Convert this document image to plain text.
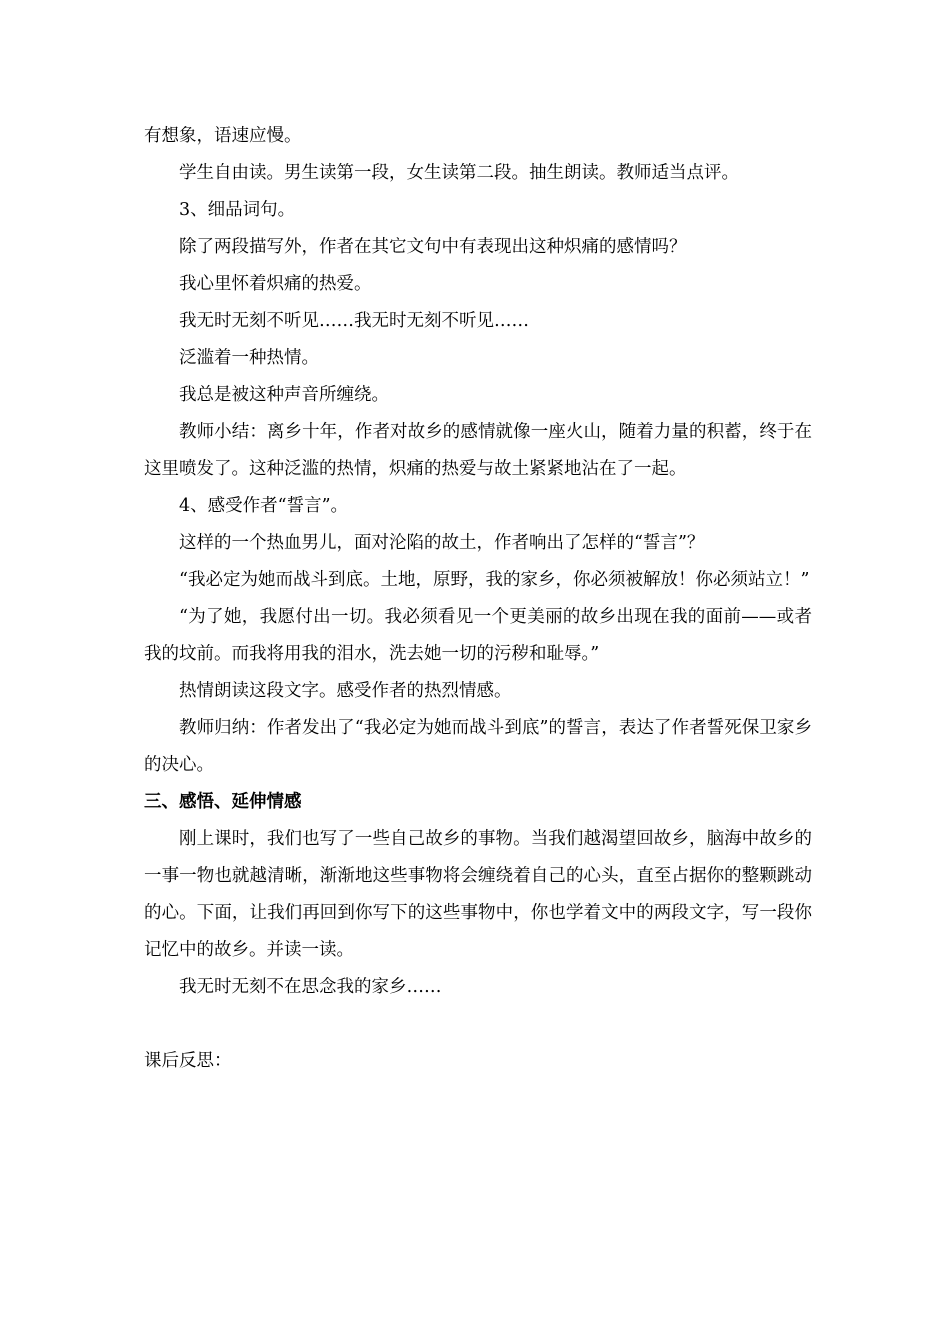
有想象，语速应慢。

学生自由读。男生读第一段，女生读第二段。抽生朗读。教师适当点评。

3、细品词句。

除了两段描写外，作者在其它文句中有表现出这种炽痛的感情吗？

我心里怀着炽痛的热爱。

我无时无刻不听见……我无时无刻不听见……

泛滥着一种热情。

我总是被这种声音所缠绕。

教师小结：离乡十年，作者对故乡的感情就像一座火山，随着力量的积蓄，终于在这里喷发了。这种泛滥的热情，炽痛的热爱与故土紧紧地沾在了一起。

4、感受作者“誓言”。

这样的一个热血男儿，面对沦陷的故土，作者响出了怎样的“誓言”？

“我必定为她而战斗到底。土地，原野，我的家乡，你必须被解放！你必须站立！”

“为了她，我愿付出一切。我必须看见一个更美丽的故乡出现在我的面前——或者我的坟前。而我将用我的泪水，洗去她一切的污秽和耻辱。”

热情朗读这段文字。感受作者的热烈情感。

教师归纳：作者发出了“我必定为她而战斗到底”的誓言，表达了作者誓死保卫家乡的决心。

三、感悟、延伸情感

刚上课时，我们也写了一些自己故乡的事物。当我们越渴望回故乡，脑海中故乡的一事一物也就越清晰，渐渐地这些事物将会缠绕着自己的心头，直至占据你的整颗跳动的心。下面，让我们再回到你写下的这些事物中，你也学着文中的两段文字，写一段你记忆中的故乡。并读一读。

我无时无刻不在思念我的家乡……

课后反思：
